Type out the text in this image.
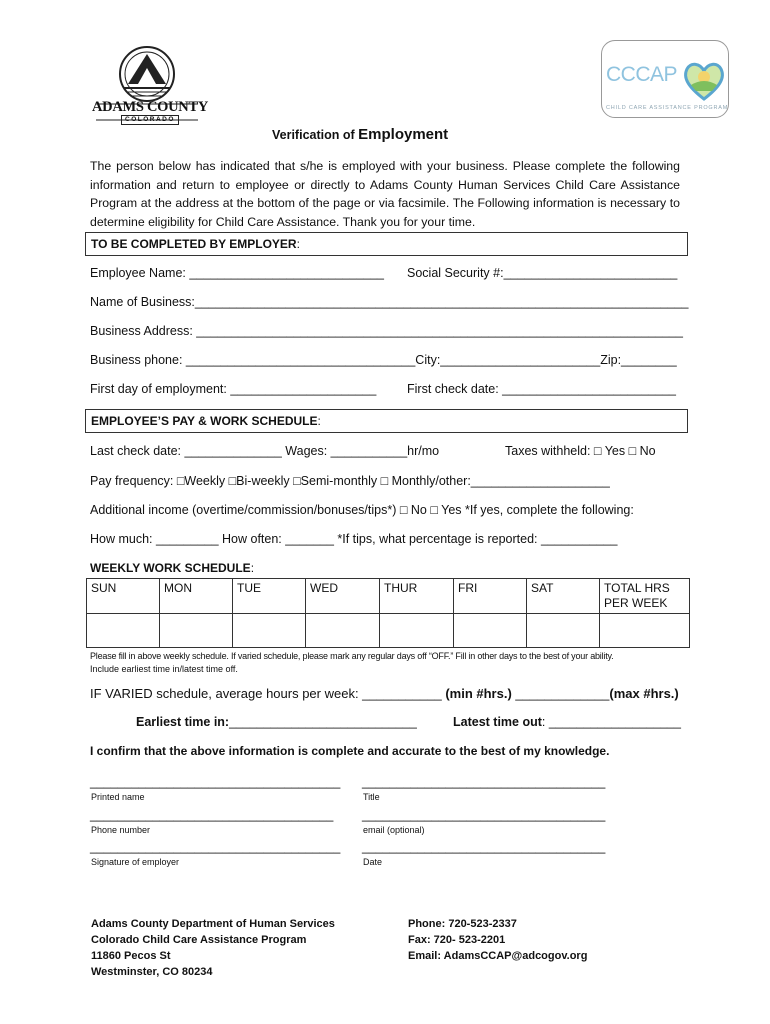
ADAMS COUNTY
COLORADO
CCCAP
CHILD CARE ASSISTANCE PROGRAM
Verification of Employment
The person below has indicated that s/he is employed with your business. Please complete the following information and return to employee or directly to Adams County Human Services Child Care Assistance Program at the address at the bottom of the page or via facsimile. The Following information is necessary to determine eligibility for Child Care Assistance. Thank you for your time.
TO BE COMPLETED BY EMPLOYER:
Employee Name: ____________________________ Social Security #:_________________________
Name of Business:_______________________________________________________________________
Business Address: ______________________________________________________________________
Business phone: _________________________________City:_______________________Zip:________
First day of employment: _____________________ First check date: _________________________
EMPLOYEE’S PAY & WORK SCHEDULE:
Last check date: ______________ Wages: ___________hr/mo	Taxes withheld: □ Yes □ No
Pay frequency: □Weekly □Bi-weekly □Semi-monthly □ Monthly/other:____________________
Additional income (overtime/commission/bonuses/tips*) □ No □ Yes *If yes, complete the following:
How much: _________ How often: _______ *If tips, what percentage is reported: ___________
WEEKLY WORK SCHEDULE:
SUN	MON	TUE	WED	THUR	FRI	SAT	TOTAL HRS PER WEEK

Please fill in above weekly schedule. If varied schedule, please mark any regular days off “OFF.” Fill in other days to the best of your ability.
Include earliest time in/latest time off.
IF VARIED schedule, average hours per week: ___________ (min #hrs.) _____________(max #hrs.)
Earliest time in:___________________________	Latest time out: ___________________
I confirm that the above information is complete and accurate to the best of my knowledge.
____________________________________ ___________________________________
Printed name	Title
___________________________________ ___________________________________
Phone number	email (optional)
____________________________________ ___________________________________
Signature of employer	Date
Adams County Department of Human Services
Colorado Child Care Assistance Program
11860 Pecos St
Westminster, CO 80234
Phone: 720-523-2337
Fax: 720- 523-2201
Email: AdamsCCAP@adcogov.org
